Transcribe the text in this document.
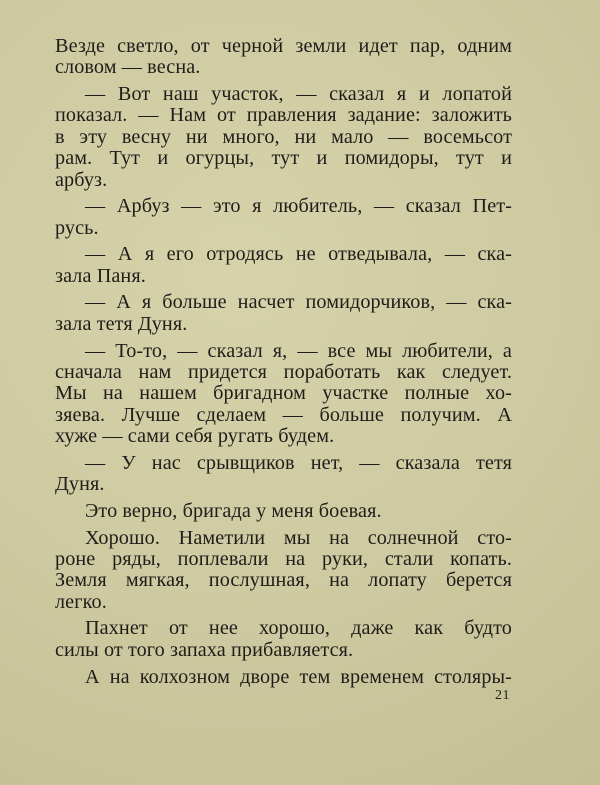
Везде светло, от черной земли идет пар, одним
словом — весна.
— Вот наш участок, — сказал я и лопатой
показал. — Нам от правления задание: заложить
в эту весну ни много, ни мало — восемьсот
рам. Тут и огурцы, тут и помидоры, тут и
арбуз.
— Арбуз — это я любитель, — сказал Пет-
русь.
— А я его отродясь не отведывала, — ска-
зала Паня.
— А я больше насчет помидорчиков, — ска-
зала тетя Дуня.
— То-то, — сказал я, — все мы любители, а
сначала нам придется поработать как следует.
Мы на нашем бригадном участке полные хо-
зяева. Лучше сделаем — больше получим. А
хуже — сами себя ругать будем.
— У нас срывщиков нет, — сказала тетя
Дуня.
Это верно, бригада у меня боевая.
Хорошо. Наметили мы на солнечной сто-
роне ряды, поплевали на руки, стали копать.
Земля мягкая, послушная, на лопату берется
легко.
Пахнет от нее хорошо, даже как будто
силы от того запаха прибавляется.
А на колхозном дворе тем временем столяры-
21
